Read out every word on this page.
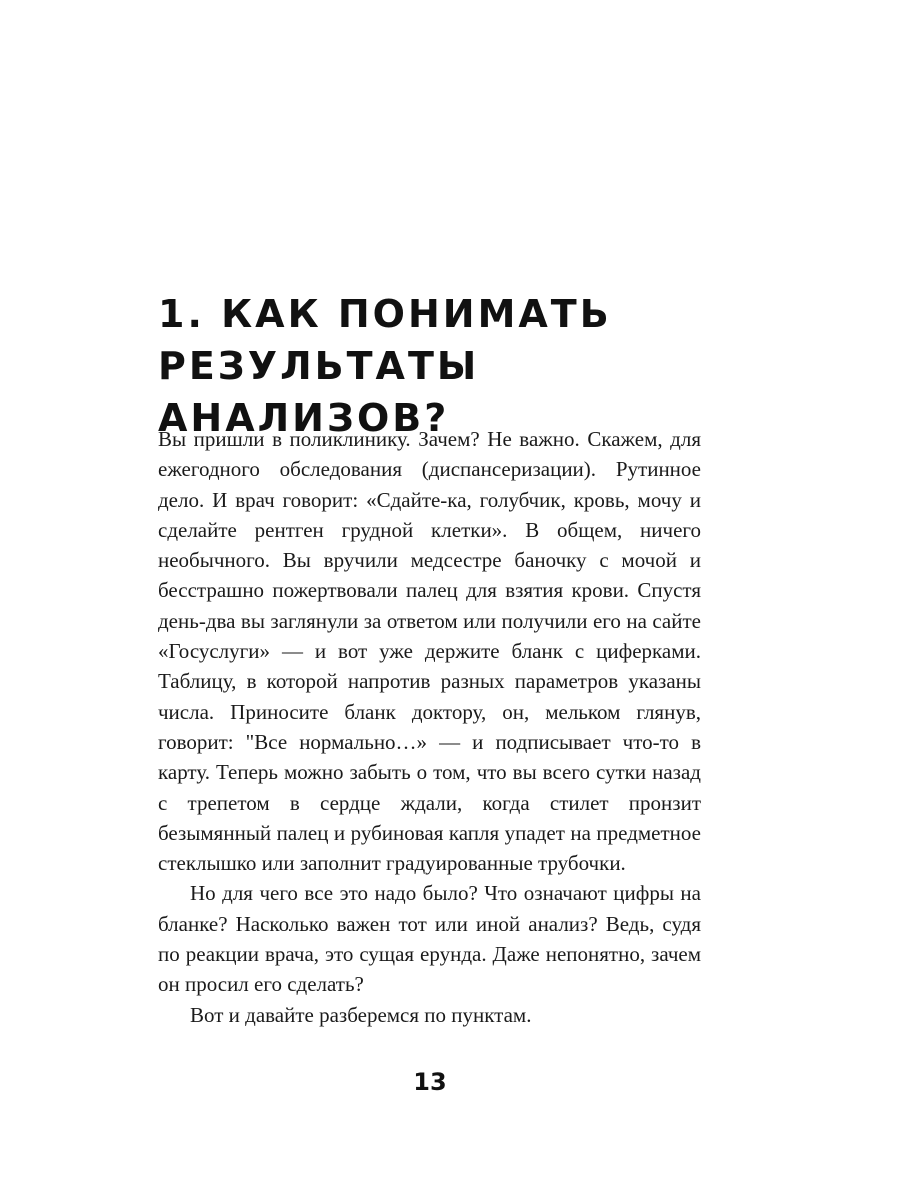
1. КАК ПОНИМАТЬ
РЕЗУЛЬТАТЫ АНАЛИЗОВ?

Вы пришли в поликлинику. Зачем? Не важно. Скажем, для ежегодного обследования (диспансеризации). Рутинное дело. И врач говорит: «Сдайте-ка, голубчик, кровь, мочу и сделайте рентген грудной клетки». В общем, ничего необычного. Вы вручили медсестре баночку с мочой и бесстрашно пожертвовали палец для взятия крови. Спустя день-два вы заглянули за ответом или получили его на сайте «Госуслуги» — и вот уже держите бланк с циферками. Таблицу, в которой напротив разных параметров указаны числа. Приносите бланк доктору, он, мельком глянув, говорит: "Все нормально…» — и подписывает что-то в карту. Теперь можно забыть о том, что вы всего сутки назад с трепетом в сердце ждали, когда стилет пронзит безымянный палец и рубиновая капля упадет на предметное стеклышко или заполнит градуированные трубочки.

Но для чего все это надо было? Что означают цифры на бланке? Насколько важен тот или иной анализ? Ведь, судя по реакции врача, это сущая ерунда. Даже непонятно, зачем он просил его сделать?

Вот и давайте разберемся по пунктам.

13
